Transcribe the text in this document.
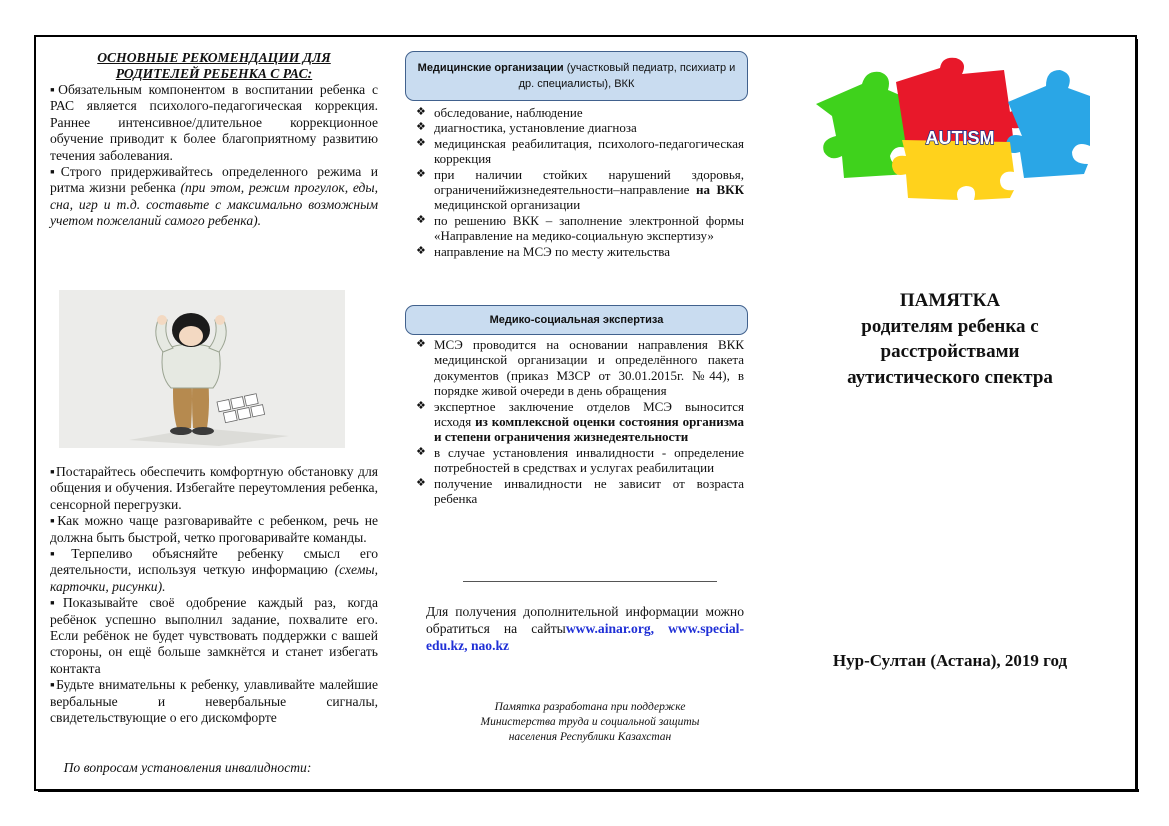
ОСНОВНЫЕ РЕКОМЕНДАЦИИ ДЛЯ
РОДИТЕЛЕЙ РЕБЕНКА С РАС:
▪Обязательным компонентом в воспитании ребенка с РАС является психолого-педагогическая коррекция. Раннее интенсивное/длительное коррекционное обучение приводит к более благоприятному развитию течения заболевания.
▪Строго придерживайтесь определенного режима и ритма жизни ребенка (при этом, режим прогулок, еды, сна, игр и т.д. составьте с максимально возможным учетом пожеланий самого ребенка).
▪Постарайтесь обеспечить комфортную обстановку для общения и обучения. Избегайте переутомления ребенка, сенсорной перегрузки.
▪Как можно чаще разговаривайте с ребенком, речь не должна быть быстрой, четко проговаривайте команды.
▪Терпеливо объясняйте ребенку смысл его деятельности, используя четкую информацию (схемы, карточки, рисунки).
▪Показывайте своё одобрение каждый раз, когда ребёнок успешно выполнил задание, похвалите его. Если ребёнок не будет чувствовать поддержки с вашей стороны, он ещё больше замкнётся и станет избегать контакта
▪Будьте внимательны к ребенку, улавливайте малейшие вербальные и невербальные сигналы, свидетельствующие о его дискомфорте
По вопросам установления инвалидности:
Медицинские организации (участковый педиатр, психиатр и др. специалисты), ВКК
❖ обследование, наблюдение
❖ диагностика, установление диагноза
❖ медицинская реабилитация, психолого-педагогическая коррекция
❖ при наличии стойких нарушений здоровья, ограниченийжизнедеятельности–направление на ВКК медицинской организации
❖ по решению ВКК – заполнение электронной формы «Направление на медико-социальную экспертизу»
❖ направление на МСЭ по месту жительства
Медико-социальная экспертиза
❖ МСЭ проводится на основании направления ВКК медицинской организации и определённого пакета документов (приказ МЗСР от 30.01.2015г. №44), в порядке живой очереди в день обращения
❖ экспертное заключение отделов МСЭ выносится исходя из комплексной оценки состояния организма и степени ограничения жизнедеятельности
❖ в случае установления инвалидности - определение потребностей в средствах и услугах реабилитации
❖ получение инвалидности не зависит от возраста ребенка
Для получения дополнительной информации можно обратиться на сайтыwww.ainar.org, www.special-edu.kz, nao.kz
Памятка разработана при поддержке
Министерства труда и социальной защиты
населения Республики Казахстан
AUTISM
ПАМЯТКА
родителям ребенка с
расстройствами
аутистического спектра
Нур-Султан (Астана), 2019 год
